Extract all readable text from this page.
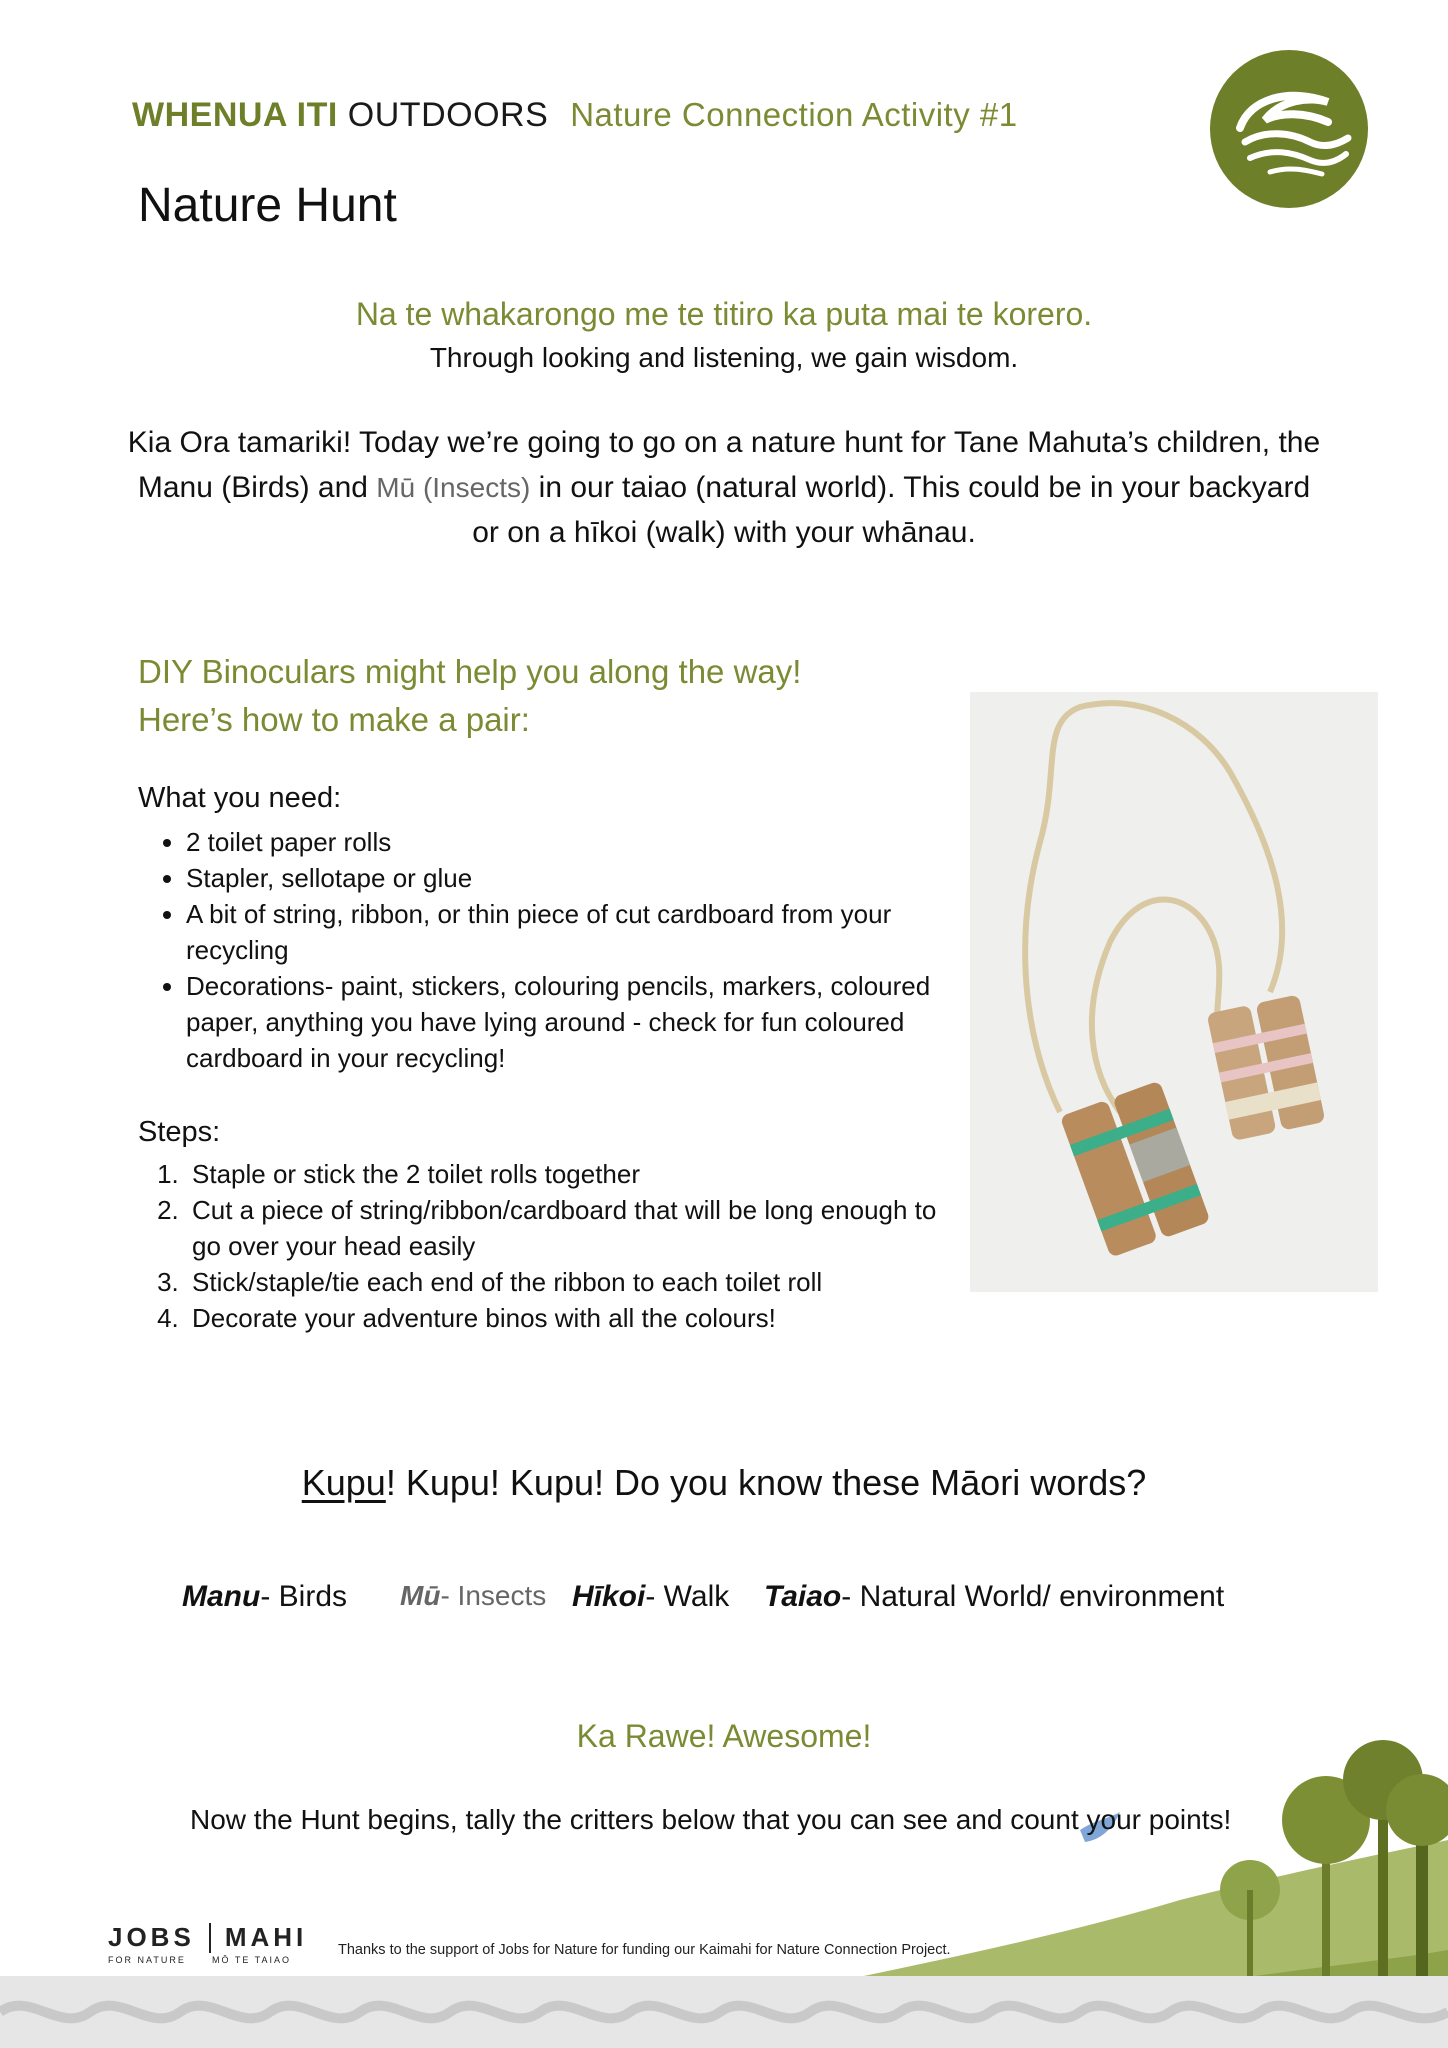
WHENUA ITI OUTDOORS Nature Connection Activity #1
Nature Hunt
Na te whakarongo me te titiro ka puta mai te korero.
Through looking and listening, we gain wisdom.
Kia Ora tamariki! Today we’re going to go on a nature hunt for Tane Mahuta’s children, the Manu (Birds) and Mū (Insects) in our taiao (natural world). This could be in your backyard or on a hīkoi (walk) with your whānau.
DIY Binoculars might help you along the way!
Here’s how to make a pair:
What you need:
• 2 toilet paper rolls
• Stapler, sellotape or glue
• A bit of string, ribbon, or thin piece of cut cardboard from your recycling
• Decorations- paint, stickers, colouring pencils, markers, coloured paper, anything you have lying around - check for fun coloured cardboard in your recycling!
Steps:
1. Staple or stick the 2 toilet rolls together
2. Cut a piece of string/ribbon/cardboard that will be long enough to go over your head easily
3. Stick/staple/tie each end of the ribbon to each toilet roll
4. Decorate your adventure binos with all the colours!
Kupu! Kupu! Kupu! Do you know these Māori words?
Manu- Birds Mū- Insects Hīkoi- Walk Taiao- Natural World/ environment
Ka Rawe! Awesome!
Now the Hunt begins, tally the critters below that you can see and count your points!
JOBS MAHI
FOR NATURE	MŌ TE TAIAO
Thanks to the support of Jobs for Nature for funding our Kaimahi for Nature Connection Project.
